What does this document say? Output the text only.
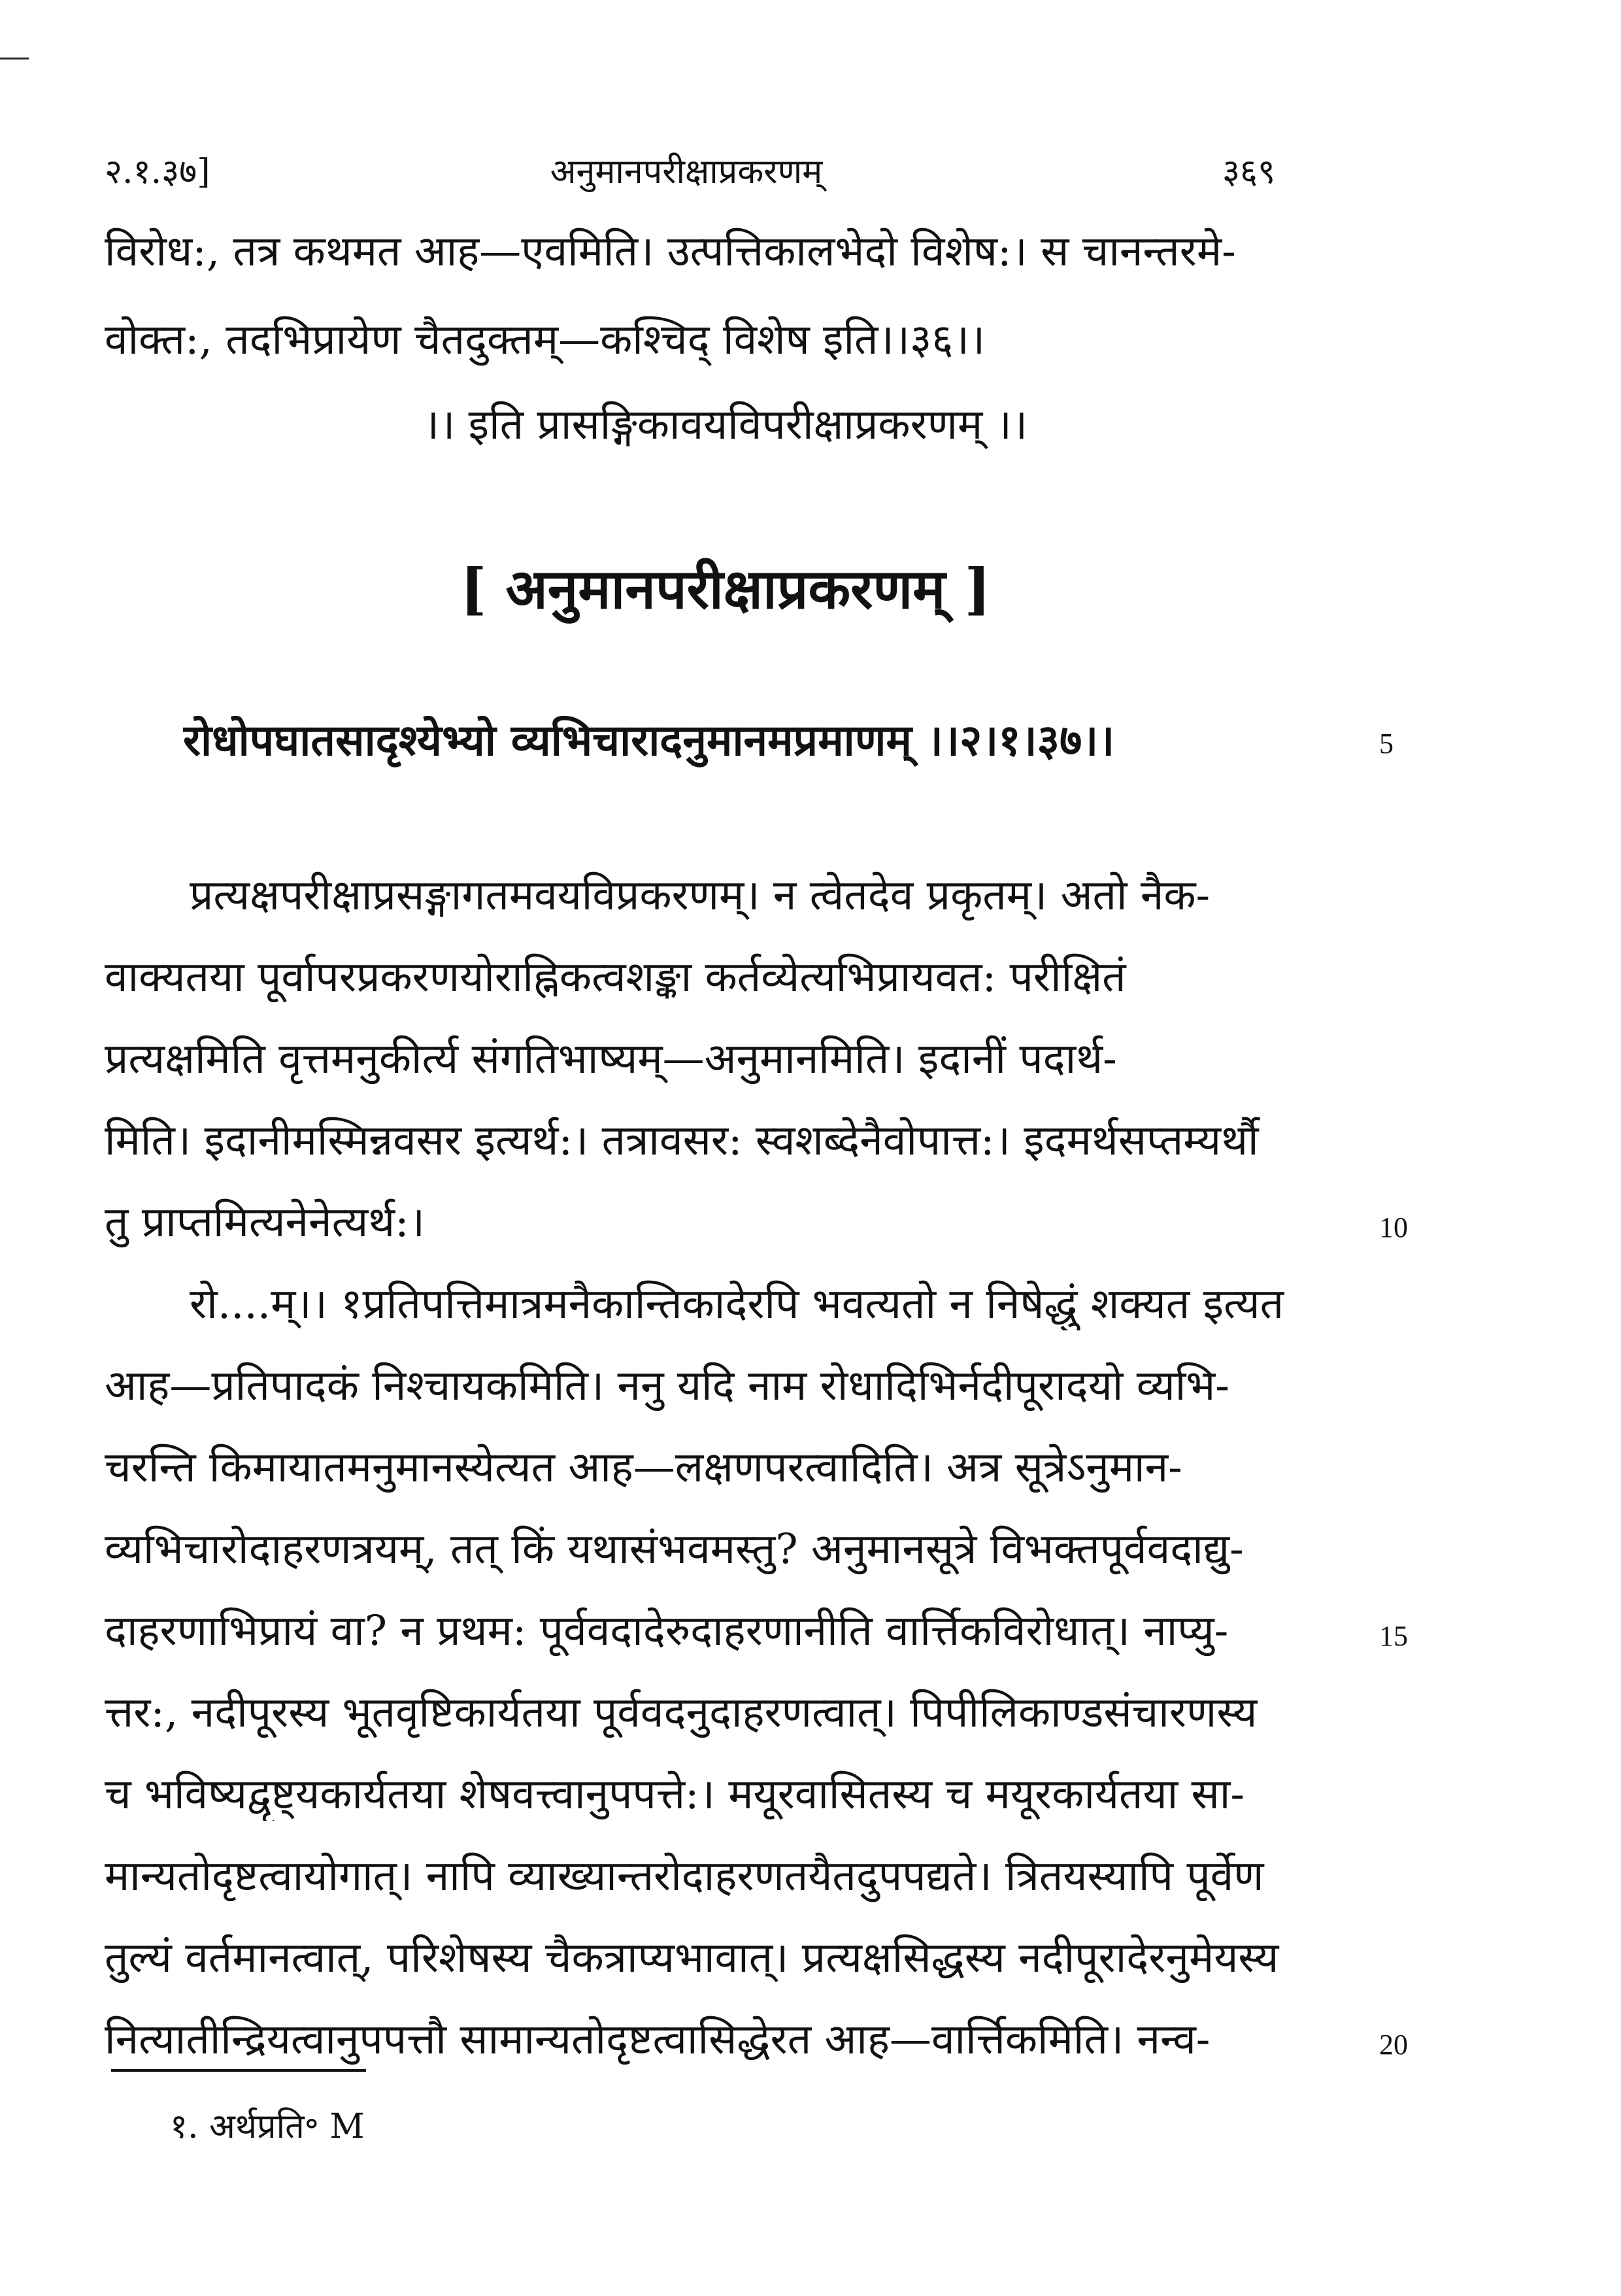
२.१.३७]	अनुमानपरीक्षाप्रकरणम्	३६९
विरोध:, तत्र कथमत आह—एवमिति। उत्पत्तिकालभेदो विशेष:। स चानन्तरमे-
वोक्त:, तदभिप्रायेण चैतदुक्तम्—कश्चिद् विशेष इति।।३६।।
।। इति प्रासङ्गिकावयविपरीक्षाप्रकरणम् ।।
[ अनुमानपरीक्षाप्रकरणम् ]
रोधोपघातसादृश्येभ्यो व्यभिचारादनुमानमप्रमाणम् ।।२।१।३७।।	5
प्रत्यक्षपरीक्षाप्रसङ्गागतमवयविप्रकरणम्। न त्वेतदेव प्रकृतम्। अतो नैक-
वाक्यतया पूर्वापरप्रकरणयोराह्निकत्वशङ्का कर्तव्येत्यभिप्रायवत: परीक्षितं
प्रत्यक्षमिति वृत्तमनुकीर्त्य संगतिभाष्यम्—अनुमानमिति। इदानीं पदार्थ-
मिति। इदानीमस्मिन्नवसर इत्यर्थ:। तत्रावसर: स्वशब्देनैवोपात्त:। इदमर्थसप्तम्यर्थौ
तु प्राप्तमित्यनेनेत्यर्थ:।	10
रो....म्।। १प्रतिपत्तिमात्रमनैकान्तिकादेरपि भवत्यतो न निषेद्धुं शक्यत इत्यत
आह—प्रतिपादकं निश्चायकमिति। ननु यदि नाम रोधादिभिर्नदीपूरादयो व्यभि-
चरन्ति किमायातमनुमानस्येत्यत आह—लक्षणपरत्वादिति। अत्र सूत्रेऽनुमान-
व्यभिचारोदाहरणत्रयम्, तत् किं यथासंभवमस्तु? अनुमानसूत्रे विभक्तपूर्ववदाद्यु-
दाहरणाभिप्रायं वा? न प्रथम: पूर्ववदादेरुदाहरणानीति वार्त्तिकविरोधात्। नाप्यु-	15
त्तर:, नदीपूरस्य भूतवृष्टिकार्यतया पूर्ववदनुदाहरणत्वात्। पिपीलिकाण्डसंचारणस्य
च भविष्यद्वृष्ट्यकार्यतया शेषवत्त्वानुपपत्ते:। मयूरवासितस्य च मयूरकार्यतया सा-
मान्यतोदृष्टत्वायोगात्। नापि व्याख्यान्तरोदाहरणतयैतदुपपद्यते। त्रितयस्यापि पूर्वेण
तुल्यं वर्तमानत्वात्, परिशेषस्य चैकत्राप्यभावात्। प्रत्यक्षसिद्धस्य नदीपूरादेरनुमेयस्य
नित्यातीन्द्रियत्वानुपपत्तौ सामान्यतोदृष्टत्वासिद्धेरत आह—वार्त्तिकमिति। नन्व-	20
१. अर्थप्रति॰ M
